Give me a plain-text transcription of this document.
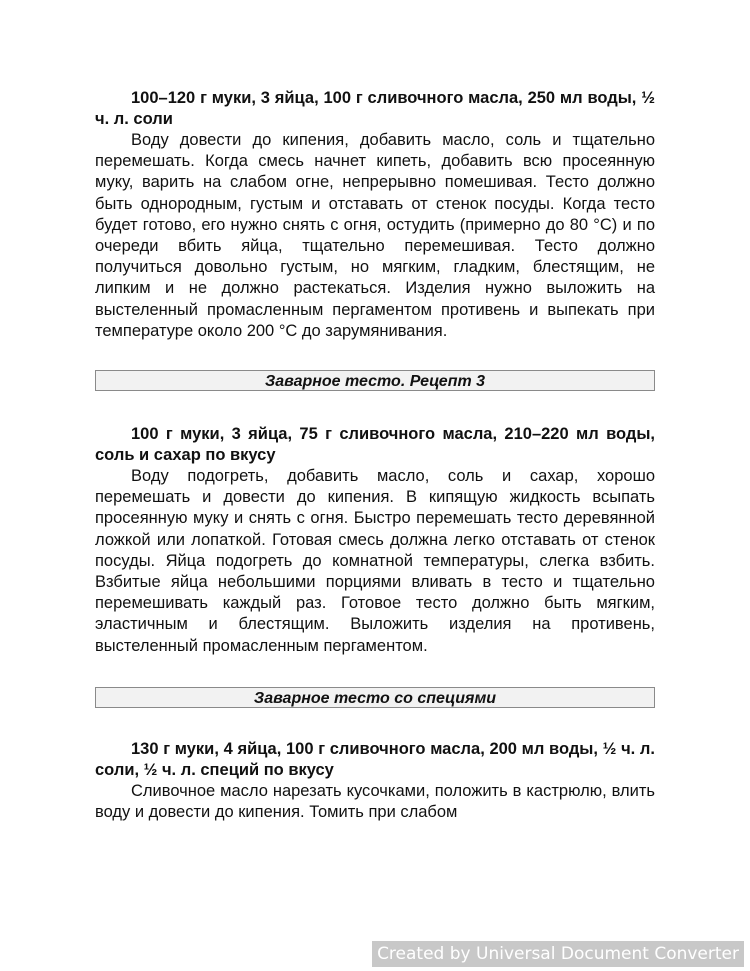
100–120 г муки, 3 яйца, 100 г сливочного масла, 250 мл воды, ½ ч. л. соли

Воду довести до кипения, добавить масло, соль и тщательно перемешать. Когда смесь начнет кипеть, добавить всю просеянную муку, варить на слабом огне, непрерывно помешивая. Тесто должно быть однородным, густым и отставать от стенок посуды. Когда тесто будет готово, его нужно снять с огня, остудить (примерно до 80 °C) и по очереди вбить яйца, тщательно перемешивая. Тесто должно получиться довольно густым, но мягким, гладким, блестящим, не липким и не должно растекаться. Изделия нужно выложить на выстеленный промасленным пергаментом противень и выпекать при температуре около 200 °C до зарумянивания.

Заварное тесто. Рецепт 3

100 г муки, 3 яйца, 75 г сливочного масла, 210–220 мл воды, соль и сахар по вкусу

Воду подогреть, добавить масло, соль и сахар, хорошо перемешать и довести до кипения. В кипящую жидкость всыпать просеянную муку и снять с огня. Быстро перемешать тесто деревянной ложкой или лопаткой. Готовая смесь должна легко отставать от стенок посуды. Яйца подогреть до комнатной температуры, слегка взбить. Взбитые яйца небольшими порциями вливать в тесто и тщательно перемешивать каждый раз. Готовое тесто должно быть мягким, эластичным и блестящим. Выложить изделия на противень, выстеленный промасленным пергаментом.

Заварное тесто со специями

130 г муки, 4 яйца, 100 г сливочного масла, 200 мл воды, ½ ч. л. соли, ½ ч. л. специй по вкусу

Сливочное масло нарезать кусочками, положить в кастрюлю, влить воду и довести до кипения. Томить при слабом

Created by Universal Document Converter
